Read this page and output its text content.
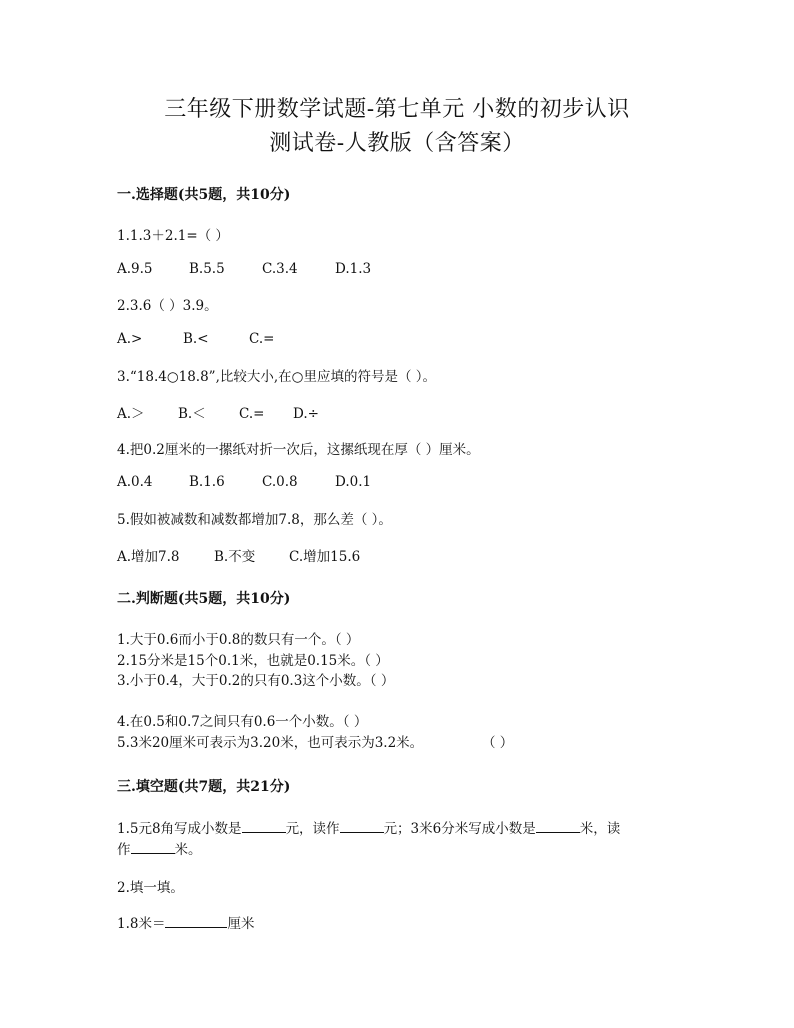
三年级下册数学试题-第七单元 小数的初步认识
测试卷-人教版（含答案）
一.选择题(共5题，共10分)
1.1.3＋2.1=（ ）
A.9.5	B.5.5	C.3.4	D.1.3
2.3.6（ ）3.9。
A.>	B.<	C.=
3.“18.4○18.8”,比较大小,在○里应填的符号是（ ）。
A.＞ B.＜ C.= D.÷
4.把0.2厘米的一摞纸对折一次后，这摞纸现在厚（ ）厘米。
A.0.4	B.1.6	C.0.8	D.0.1
5.假如被减数和减数都增加7.8，那么差（ ）。
A.增加7.8	B.不变	C.增加15.6
二.判断题(共5题，共10分)
1.大于0.6而小于0.8的数只有一个。（ ）
2.15分米是15个0.1米，也就是0.15米。（ ）
3.小于0.4，大于0.2的只有0.3这个小数。（ ）
4.在0.5和0.7之间只有0.6一个小数。（ ）
5.3米20厘米可表示为3.20米，也可表示为3.2米。	（ ）
三.填空题(共7题，共21分)
1.5元8角写成小数是	元，读作	元；3米6分米写成小数是	米，读
作	米。
2.填一填。
1.8米＝	厘米
